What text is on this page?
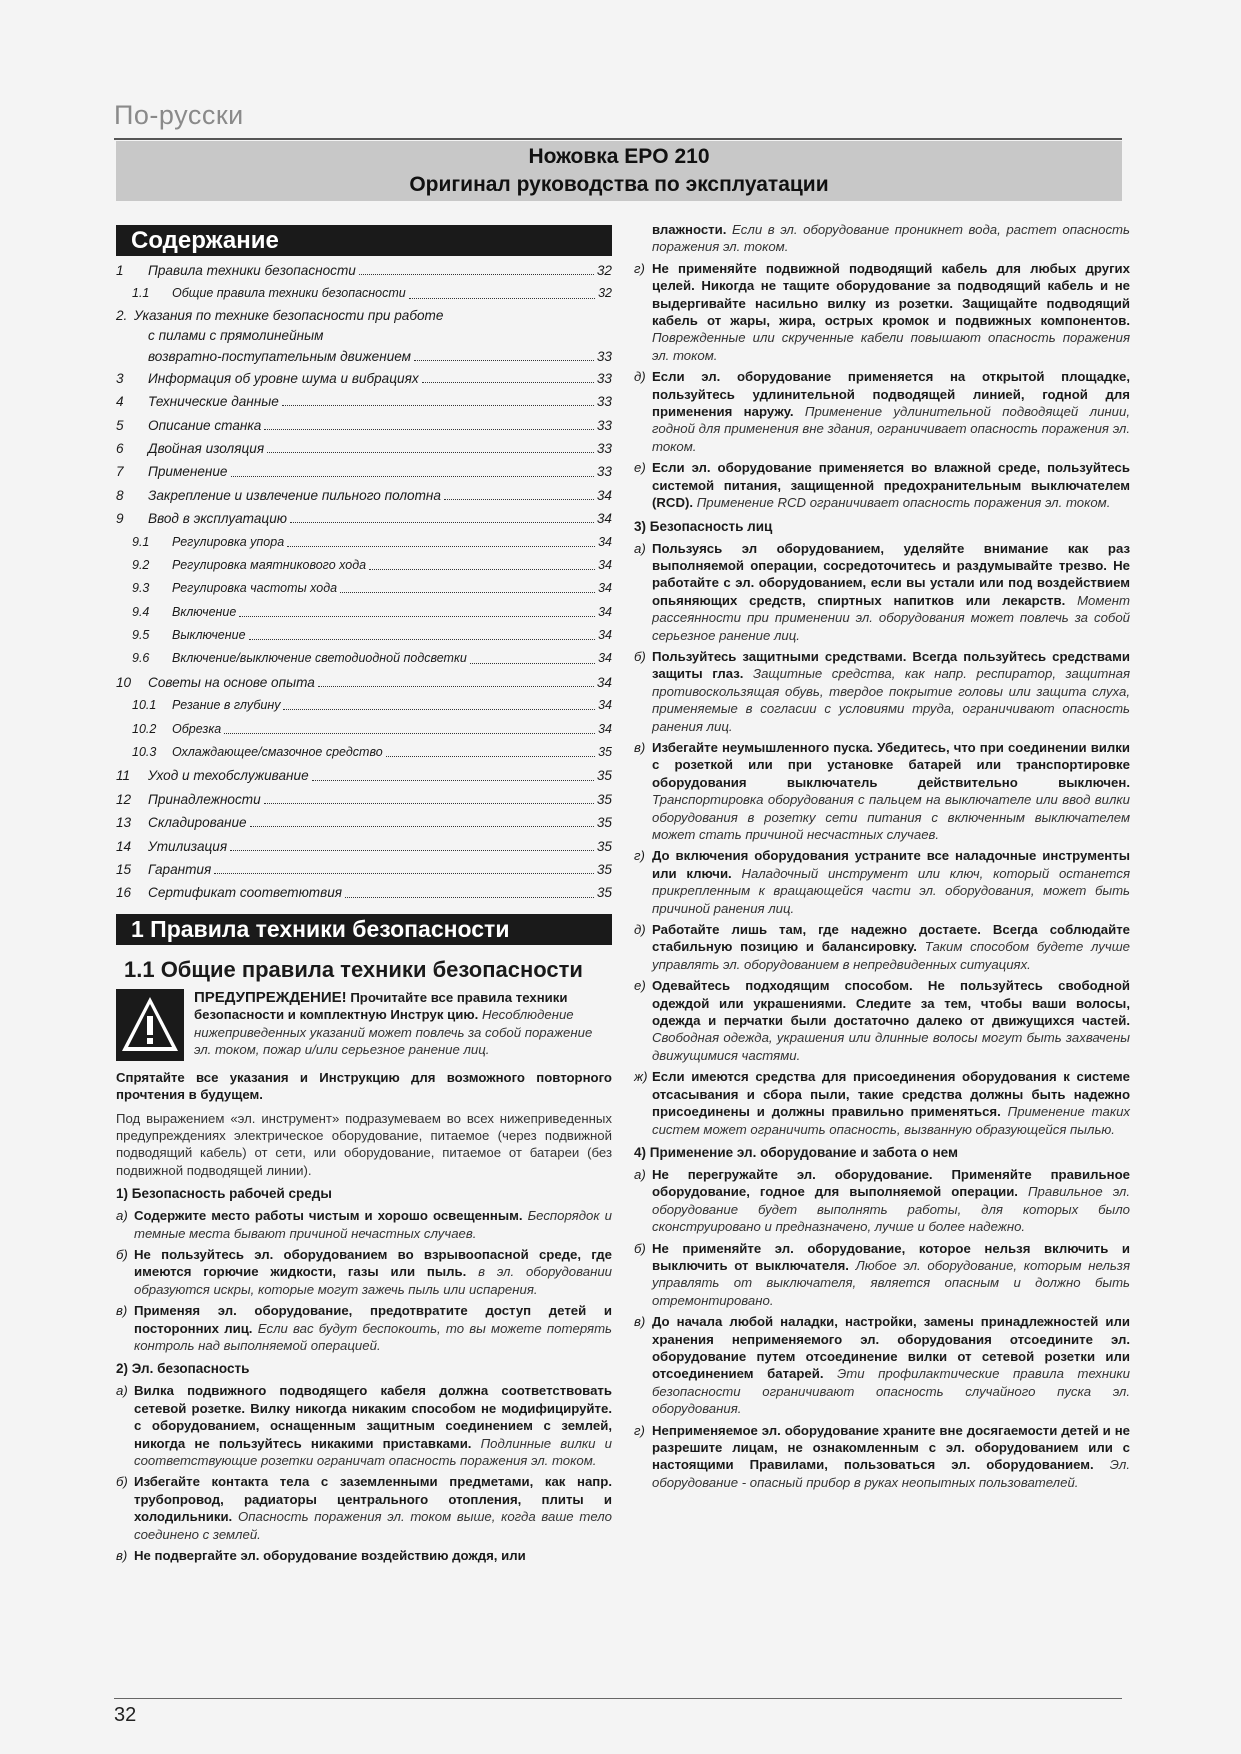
По-русски
Ножовка EPO 210
Оригинал руководства по эксплуатации
Содержание
1	Правила техники безопасности	32
1.1	Общие правила техники безопасности	32
2. Указания по технике безопасности при работе
с пилами с прямолинейным
возвратно-поступательным движением	33
3	Информация об уровне шума и вибрациях	33
4	Технические данные	33
5	Описание станка	33
6	Двойная изоляция	33
7	Применение	33
8	Закрепление и извлечение пильного полотна	34
9	Ввод в эксплуатацию	34
9.1	Регулировка упора	34
9.2	Регулировка маятникового хода	34
9.3	Регулировка частоты хода	34
9.4	Включение	34
9.5	Выключение	34
9.6	Включение/выключение светодиодной подсветки	34
10	Советы на основе опыта	34
10.1	Резание в глубину	34
10.2	Обрезка	34
10.3	Охлаждающее/смазочное средство	35
11	Уход и техобслуживание	35
12	Принадлежности	35
13	Складирование	35
14	Утилизация	35
15	Гарантия	35
16	Сертификат соответютвия	35
1 Правила техники безопасности
1.1 Общие правила техники безопасности
ПРЕДУПРЕЖДЕНИЕ! Прочитайте все правила техники безопасности и комплектную Инструк цию. Несоблюдение нижеприведенных указаний может повлечь за собой поражение эл. током, пожар и/или серьезное ранение лиц.

Спрятайте все указания и Инструкцию для возможного повторного прочтения в будущем.

Под выражением «эл. инструмент» подразумеваем во всех нижеприведенных предупреждениях электрическое оборудование, питаемое (через подвижной подводящий кабель) от сети, или оборудование, питаемое от батареи (без подвижной подводящей линии).

1) Безопасность рабочей среды
а) Содержите место работы чистым и хорошо освещенным. Беспорядок и темные места бывают причиной нечастных случаев.
б) Не пользуйтесь эл. оборудованием во взрывоопасной среде, где имеются горючие жидкости, газы или пыль. в эл. оборудовании образуются искры, которые могут зажечь пыль или испарения.
в) Применяя эл. оборудование, предотвратите доступ детей и посторонних лиц. Если вас будут беспокоить, то вы можете потерять контроль над выполняемой операцией.
2) Эл. безопасность
а) Вилка подвижного подводящего кабеля должна соответствовать сетевой розетке. Вилку никогда никаким способом не модифицируйте. с оборудованием, оснащенным защитным соединением с землей, никогда не пользуйтесь никакими приставками. Подлинные вилки и соответствующие розетки ограничат опасность поражения эл. током.
б) Избегайте контакта тела с заземленными предметами, как напр. трубопровод, радиаторы центрального отопления, плиты и холодильники. Опасность поражения эл. током выше, когда ваше тело соединено с землей.
в) Не подвергайте эл. оборудование воздействию дождя, или
влажности. Если в эл. оборудование проникнет вода, растет опасность поражения эл. током.
г) Не применяйте подвижной подводящий кабель для любых других целей. Никогда не тащите оборудование за подводящий кабель и не выдергивайте насильно вилку из розетки. Защищайте подводящий кабель от жары, жира, острых кромок и подвижных компонентов. Поврежденные или скрученные кабели повышают опасность поражения эл. током.
д) Если эл. оборудование применяется на открытой площадке, пользуйтесь удлинительной подводящей линией, годной для применения наружу. Применение удлинительной подводящей линии, годной для применения вне здания, ограничивает опасность поражения эл. током.
е) Если эл. оборудование применяется во влажной среде, пользуйтесь системой питания, защищенной предохранительным выключателем (RCD). Применение RCD ограничивает опасность поражения эл. током.
3) Безопасность лиц
а) Пользуясь эл оборудованием, уделяйте внимание как раз выполняемой операции, сосредоточитесь и раздумывайте трезво. Не работайте с эл. оборудованием, если вы устали или под воздействием опьяняющих средств, спиртных напитков или лекарств. Момент рассеянности при применении эл. оборудования может повлечь за собой серьезное ранение лиц.
б) Пользуйтесь защитными средствами. Всегда пользуйтесь средствами защиты глаз. Защитные средства, как напр. респиратор, защитная противоскользящая обувь, твердое покрытие головы или защита слуха, применяемые в согласии с условиями труда, ограничивают опасность ранения лиц.
в) Избегайте неумышленного пуска. Убедитесь, что при соединении вилки с розеткой или при установке батарей или транспортировке оборудования выключатель действительно выключен. Транспортировка оборудования с пальцем на выключателе или ввод вилки оборудования в розетку сети питания с включенным выключателем может стать причиной несчастных случаев.
г) До включения оборудования устраните все наладочные инструменты или ключи. Наладочный инструмент или ключ, который останется прикрепленным к вращающейся части эл. оборудования, может быть причиной ранения лиц.
д) Работайте лишь там, где надежно достаете. Всегда соблюдайте стабильную позицию и балансировку. Таким способом будете лучше управлять эл. оборудованием в непредвиденных ситуациях.
е) Одевайтесь подходящим способом. Не пользуйтесь свободной одеждой или украшениями. Следите за тем, чтобы ваши волосы, одежда и перчатки были достаточно далеко от движущихся частей. Свободная одежда, украшения или длинные волосы могут быть захвачены движущимися частями.
ж) Если имеются средства для присоединения оборудования к системе отсасывания и сбора пыли, такие средства должны быть надежно присоединены и должны правильно применяться. Применение таких систем может ограничить опасность, вызванную образующейся пылью.
4) Применение эл. оборудование и забота о нем
а) Не перегружайте эл. оборудование. Применяйте правильное оборудование, годное для выполняемой операции. Правильное эл. оборудование будет выполнять работы, для которых было сконструировано и предназначено, лучше и более надежно.
б) Не применяйте эл. оборудование, которое нельзя включить и выключить от выключателя. Любое эл. оборудование, которым нельзя управлять от выключателя, является опасным и должно быть отремонтировано.
в) До начала любой наладки, настройки, замены принадлежностей или хранения неприменяемого эл. оборудования отсоедините эл. оборудование путем отсоединение вилки от сетевой розетки или отсоединением батарей. Эти профилактические правила техники безопасности ограничивают опасность случайного пуска эл. оборудования.
г) Неприменяемое эл. оборудование храните вне досягаемости детей и не разрешите лицам, не ознакомленным с эл. оборудованием или с настоящими Правилами, пользоваться эл. оборудованием. Эл. оборудование - опасный прибор в руках неопытных пользователей.
32
